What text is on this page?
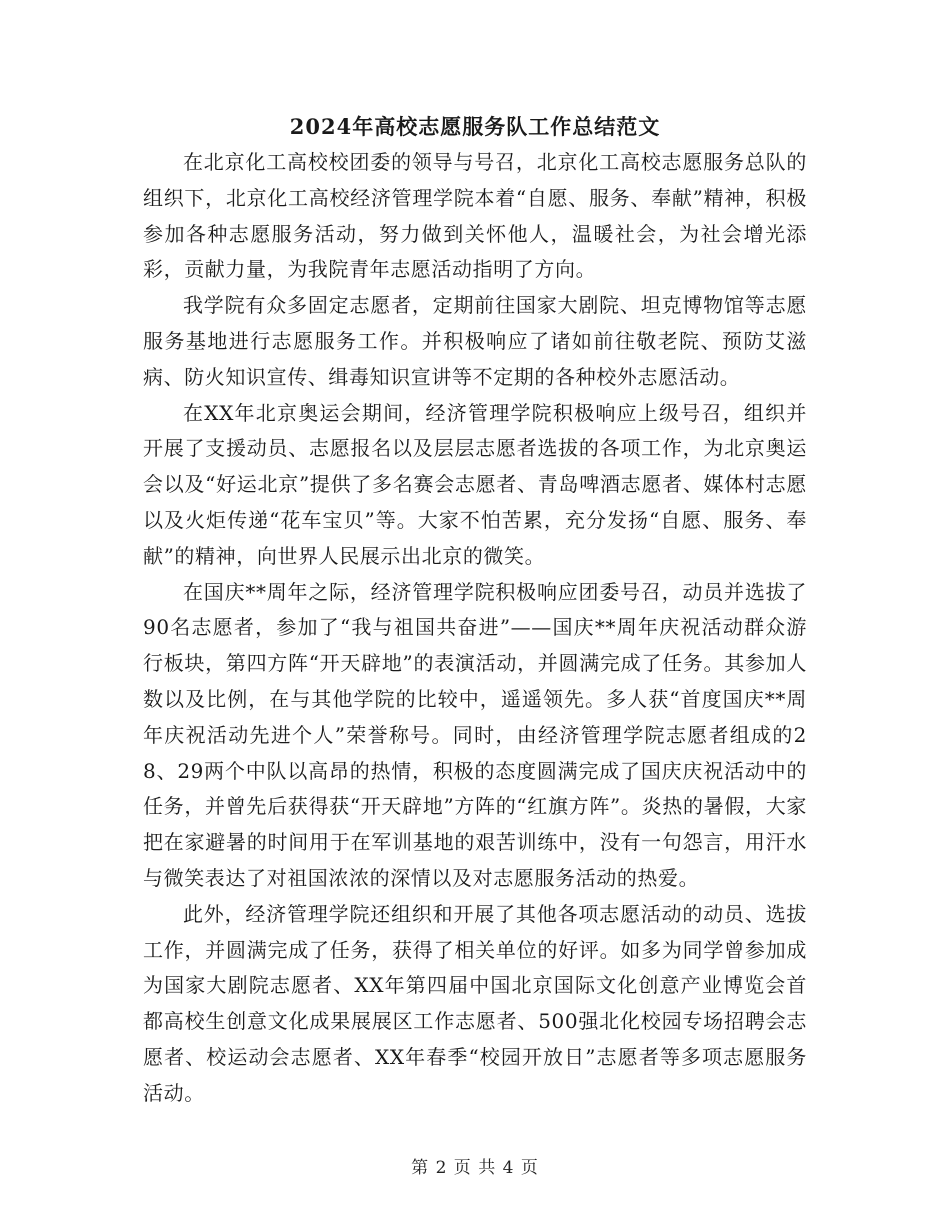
2024年高校志愿服务队工作总结范文

在北京化工高校校团委的领导与号召，北京化工高校志愿服务总队的组织下，北京化工高校经济管理学院本着“自愿、服务、奉献”精神，积极参加各种志愿服务活动，努力做到关怀他人，温暖社会，为社会增光添彩，贡献力量，为我院青年志愿活动指明了方向。

我学院有众多固定志愿者，定期前往国家大剧院、坦克博物馆等志愿服务基地进行志愿服务工作。并积极响应了诸如前往敬老院、预防艾滋病、防火知识宣传、缉毒知识宣讲等不定期的各种校外志愿活动。

在XX年北京奥运会期间，经济管理学院积极响应上级号召，组织并开展了支援动员、志愿报名以及层层志愿者选拔的各项工作，为北京奥运会以及“好运北京”提供了多名赛会志愿者、青岛啤酒志愿者、媒体村志愿以及火炬传递“花车宝贝”等。大家不怕苦累，充分发扬“自愿、服务、奉献”的精神，向世界人民展示出北京的微笑。

在国庆**周年之际，经济管理学院积极响应团委号召，动员并选拔了90名志愿者，参加了“我与祖国共奋进”——国庆**周年庆祝活动群众游行板块，第四方阵“开天辟地”的表演活动，并圆满完成了任务。其参加人数以及比例，在与其他学院的比较中，遥遥领先。多人获“首度国庆**周年庆祝活动先进个人”荣誉称号。同时，由经济管理学院志愿者组成的28、29两个中队以高昂的热情，积极的态度圆满完成了国庆庆祝活动中的任务，并曾先后获得获“开天辟地”方阵的“红旗方阵”。炎热的暑假，大家把在家避暑的时间用于在军训基地的艰苦训练中，没有一句怨言，用汗水与微笑表达了对祖国浓浓的深情以及对志愿服务活动的热爱。

此外，经济管理学院还组织和开展了其他各项志愿活动的动员、选拔工作，并圆满完成了任务，获得了相关单位的好评。如多为同学曾参加成为国家大剧院志愿者、XX年第四届中国北京国际文化创意产业博览会首都高校生创意文化成果展展区工作志愿者、500强北化校园专场招聘会志愿者、校运动会志愿者、XX年春季“校园开放日”志愿者等多项志愿服务活动。

第 2 页 共 4 页
